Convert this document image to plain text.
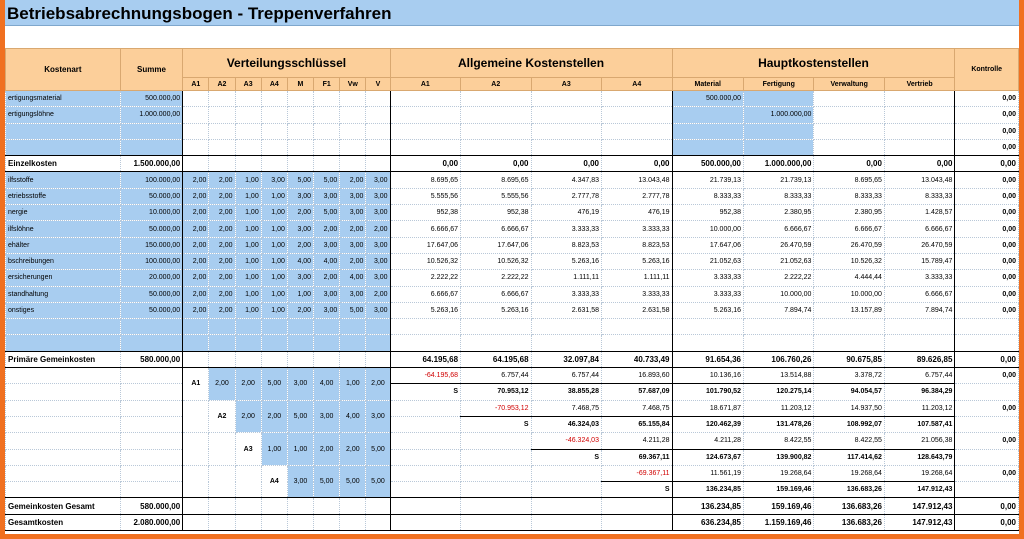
Betriebsabrechnungsbogen - Treppenverfahren
Kostenart	Summe	Verteilungsschlüssel								Allgemeine Kostenstellen				Hauptkostenstellen				Kontrolle
		A1	A2	A3	A4	M	F1	Vw	V	A1	A2	A3	A4	Material	Fertigung	Verwaltung	Vertrieb	
ertigungsmaterial	500.000,00													500.000,00				0,00
ertigungslöhne	1.000.000,00														1.000.000,00			0,00
																		0,00
																		0,00
Einzelkosten	1.500.000,00									0,00	0,00	0,00	0,00	500.000,00	1.000.000,00	0,00	0,00	0,00
ilfsstoffe	100.000,00	2,00	2,00	1,00	3,00	5,00	5,00	2,00	3,00	8.695,65	8.695,65	4.347,83	13.043,48	21.739,13	21.739,13	8.695,65	13.043,48	0,00
etriebsstoffe	50.000,00	2,00	2,00	1,00	1,00	3,00	3,00	3,00	3,00	5.555,56	5.555,56	2.777,78	2.777,78	8.333,33	8.333,33	8.333,33	8.333,33	0,00
nergie	10.000,00	2,00	2,00	1,00	1,00	2,00	5,00	3,00	3,00	952,38	952,38	476,19	476,19	952,38	2.380,95	2.380,95	1.428,57	0,00
ilfslöhne	50.000,00	2,00	2,00	1,00	1,00	3,00	2,00	2,00	2,00	6.666,67	6.666,67	3.333,33	3.333,33	10.000,00	6.666,67	6.666,67	6.666,67	0,00
ehälter	150.000,00	2,00	2,00	1,00	1,00	2,00	3,00	3,00	3,00	17.647,06	17.647,06	8.823,53	8.823,53	17.647,06	26.470,59	26.470,59	26.470,59	0,00
bschreibungen	100.000,00	2,00	2,00	1,00	1,00	4,00	4,00	2,00	3,00	10.526,32	10.526,32	5.263,16	5.263,16	21.052,63	21.052,63	10.526,32	15.789,47	0,00
ersicherungen	20.000,00	2,00	2,00	1,00	1,00	3,00	2,00	4,00	3,00	2.222,22	2.222,22	1.111,11	1.111,11	3.333,33	2.222,22	4.444,44	3.333,33	0,00
standhaltung	50.000,00	2,00	2,00	1,00	1,00	1,00	3,00	3,00	2,00	6.666,67	6.666,67	3.333,33	3.333,33	3.333,33	10.000,00	10.000,00	6.666,67	0,00
onstiges	50.000,00	2,00	2,00	1,00	1,00	2,00	3,00	5,00	3,00	5.263,16	5.263,16	2.631,58	2.631,58	5.263,16	7.894,74	13.157,89	7.894,74	0,00

Primäre Gemeinkosten	580.000,00									64.195,68	64.195,68	32.097,84	40.733,49	91.654,36	106.760,26	90.675,85	89.626,85	0,00
		A1	2,00	2,00	5,00	3,00	4,00	1,00	2,00	-64.195,68	6.757,44	6.757,44	16.893,60	10.136,16	13.514,88	3.378,72	6.757,44	0,00
										S	70.953,12	38.855,28	57.687,09	101.790,52	120.275,14	94.054,57	96.384,29	
			A2	2,00	2,00	5,00	3,00	4,00	3,00		-70.953,12	7.468,75	7.468,75	18.671,87	11.203,12	14.937,50	11.203,12	0,00
											S	46.324,03	65.155,84	120.462,39	131.478,26	108.992,07	107.587,41	
				A3	1,00	1,00	2,00	2,00	5,00			-46.324,03	4.211,28	4.211,28	8.422,55	8.422,55	21.056,38	0,00
												S	69.367,11	124.673,67	139.900,82	117.414,62	128.643,79	
					A4	3,00	5,00	5,00	5,00				-69.367,11	11.561,19	19.268,64	19.268,64	19.268,64	0,00
													S	136.234,85	159.169,46	136.683,26	147.912,43	
Gemeinkosten Gesamt	580.000,00													136.234,85	159.169,46	136.683,26	147.912,43	0,00
Gesamtkosten	2.080.000,00													636.234,85	1.159.169,46	136.683,26	147.912,43	0,00
